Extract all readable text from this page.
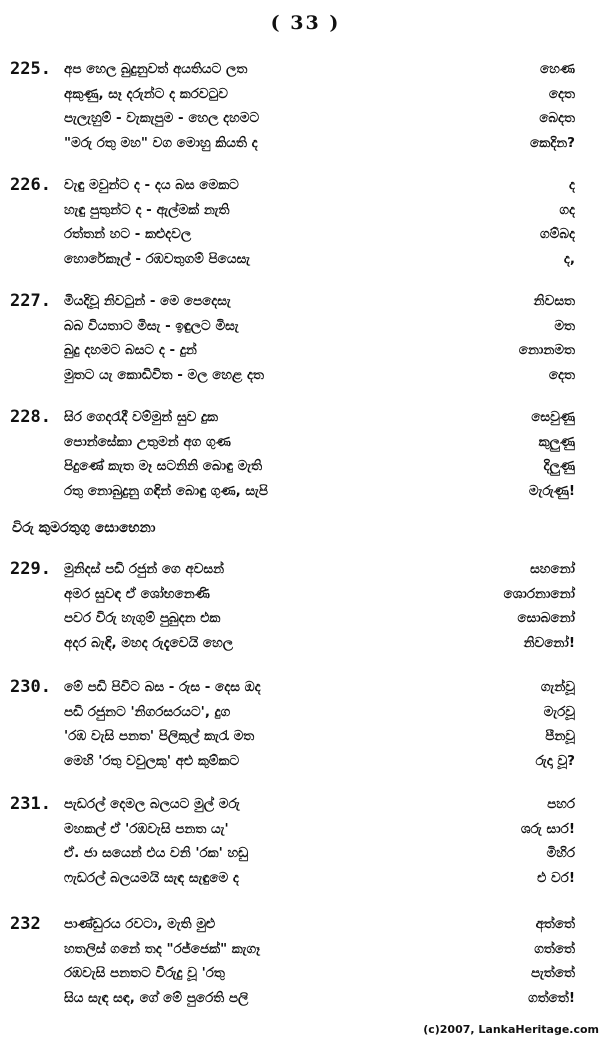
( 33 )
225. අප හෙල බුදුනුවත් අයතියට ලත	හෙණ
අකුණු, සෑ දරුන්ට ද කරවටුව	දෙත
පැලැහුම් - වැකැපුම - හෙල දහමට	බෙදත
"මරු රතු මහ" වග මොහු කියති ද	කෙදින?
226. වැඳු මවුන්ට ද - දය බස මෙකට	ද
හැඳු පුතුන්ට ද - ඇල්මක් නැති	ගද
රත්තන් හට - කළුදවල	ගම්බද
හොරේකෑල් - රඹවතුගම් පියෙසැ	ද,
227. මියදිවූ නිවටුන් - මෙ පෙදෙසැ	නිවසත
බබ වියතාට මිසැ - ඉඳුලට මිසැ	මත
බුදු දහමට බසට ද - දුන්	නොනමත
මුතට යැ කොඩිවිත - මල හෙළ දත	දෙත
228. සිර ගෙදරැදී වම්මුන් සුව දුක	සෙවුණු
පොන්සේකා උතුමන් අග ගුණ	කුලුණු
පිදුණේ කැත මෑ සටනිනි බොඳු මැති	දිලුණු
රතු නොබුදුනු ගඳින් බොඳු ගුණ, සැපි	මැරුණු!
විරු කුමරතුගු සොභෙනා
229. මුනිදස් පඩි රජුන් ගෙ අවසන්	සහනෝ
අමර සුවඳ ඒ ශෝභනෙණි	ශොරනානෝ
පවර විරු හැගුම් පුබුදන එක	සොබනෝ
අදර බැඳි, මහද රුදැවෙයි හෙල	නිවනෝ!
230. මේ පඩි පිවිට බස - රුස - දෙස ඔද	ගැන්වූ
පඩි රජුනට 'නිගරසරයට', දුග	මැරවූ
'රඹ වැසි පනත' පිලිකුල් කැරැ මත	පීනවූ
මෙහි 'රතු වවුලකු' අළු කුම්කට	රුදා වූ?
231. පැඩරල් දෙමල බලයට මුල් මරු	පහර
මහකල් ඒ 'රඹවැසි පනත යැ'	ශරු සාර!
ඒ. ජා සයෙන් එය වනි 'රක' හඩු	මිහිර
ෆැඩරල් බලයමයි සැඳ සැඳුමෙ ද	එ වර!
232 පාණ්ඩුරය රවටා, මැති මුළු	අත්තේ
හතලිස් ගනේ තද "රජ්ජෙක්" කැගෑ	ගත්තේ
රඹවැසි පනතට විරුදු වූ 'රතු	පැත්තේ
සිය සැඳ සඳ, ගේ මේ පුරෙති පලි	ගත්තේ!
(c)2007, LankaHeritage.com
